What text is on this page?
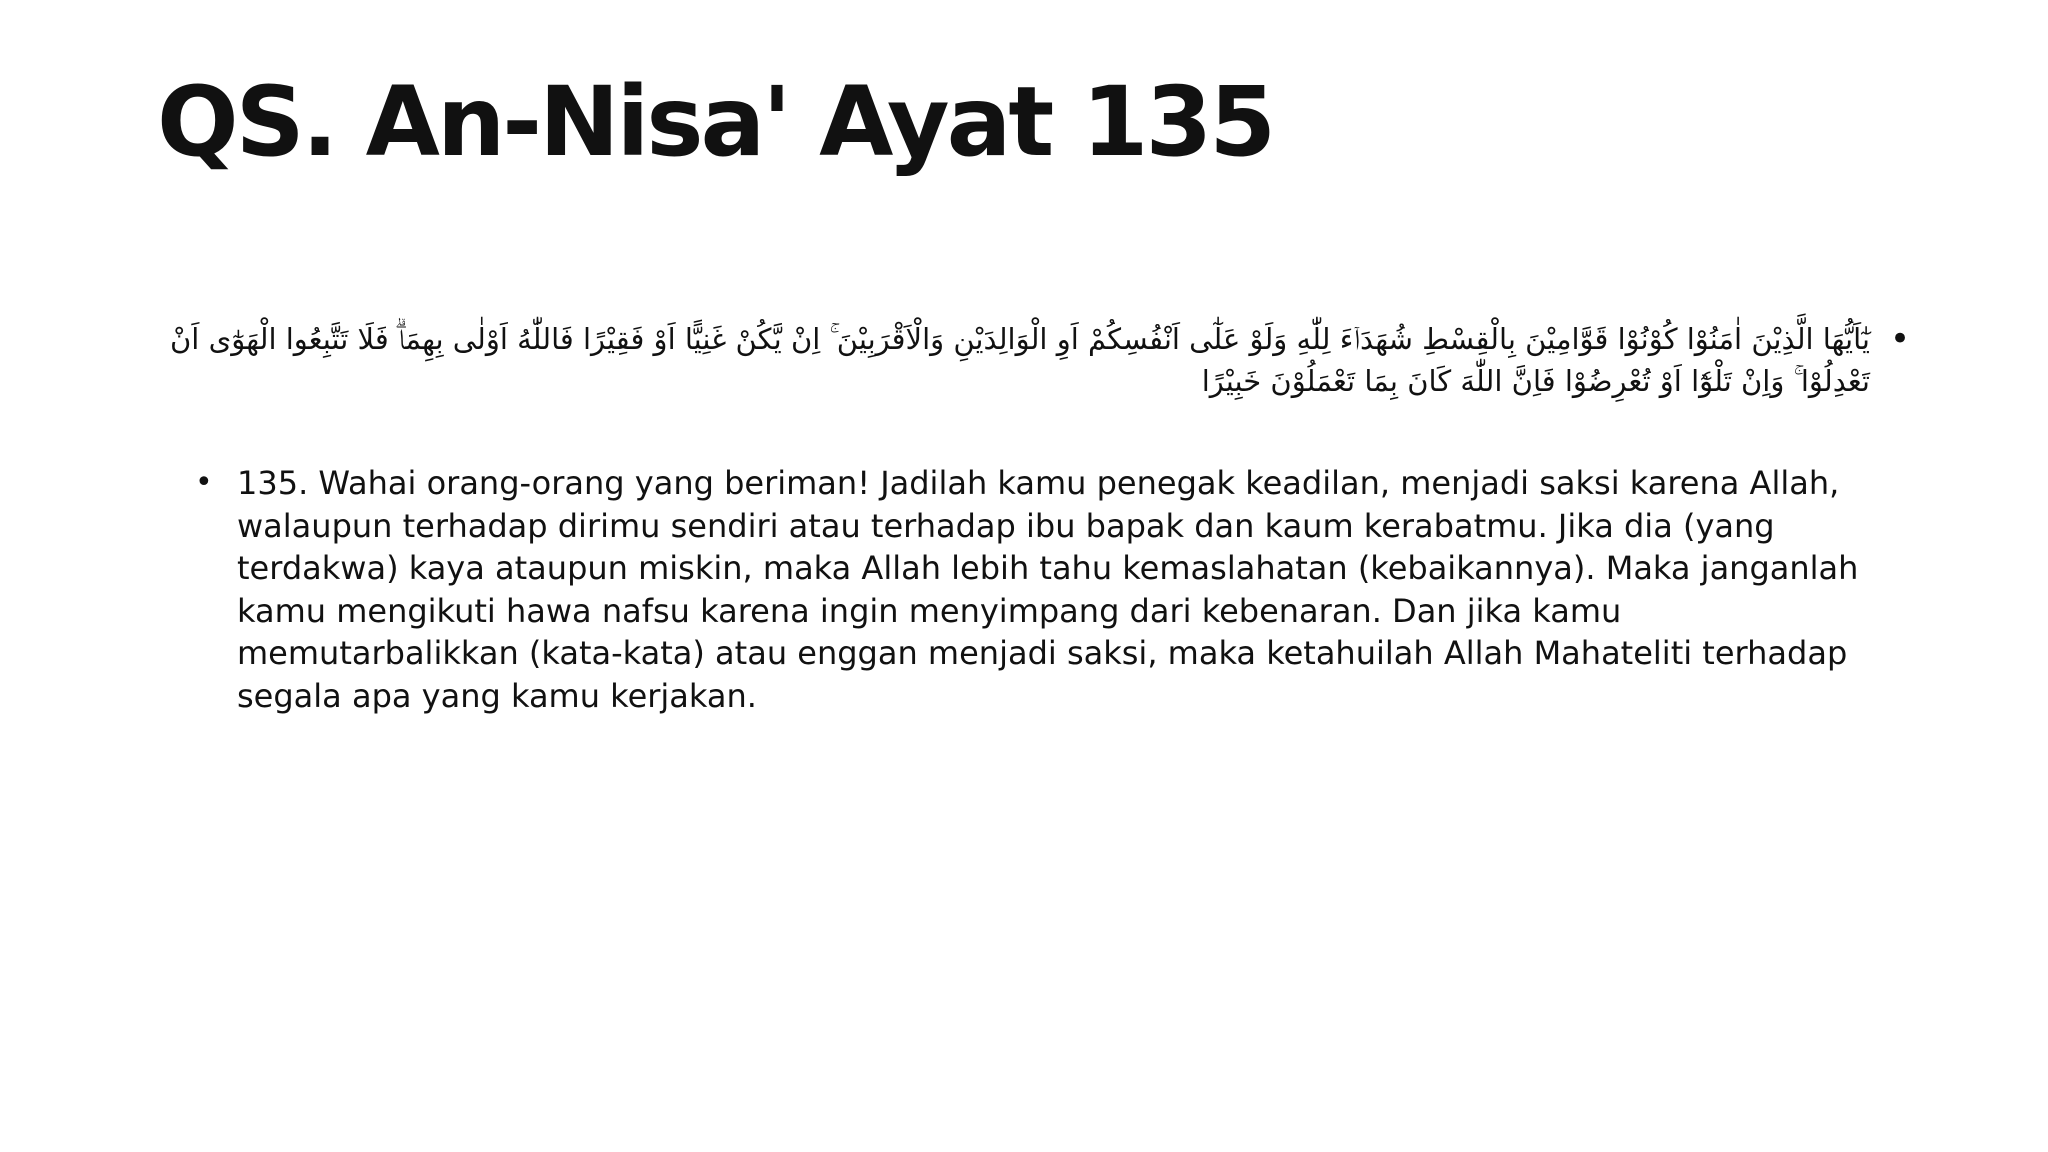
QS. An-Nisa' Ayat 135
•
يٰٓاَيُّهَا الَّذِيْنَ اٰمَنُوْا كُوْنُوْا قَوَّامِيْنَ بِالْقِسْطِ شُهَدَاۤءَ لِلّٰهِ وَلَوْ عَلٰٓى اَنْفُسِكُمْ اَوِ الْوَالِدَيْنِ وَالْاَقْرَبِيْنَ ۚ اِنْ يَّكُنْ غَنِيًّا اَوْ فَقِيْرًا فَاللّٰهُ اَوْلٰى بِهِمَاۗ فَلَا تَتَّبِعُوا الْهَوٰٓى اَنْ تَعْدِلُوْا ۚ وَاِنْ تَلْوٗٓا اَوْ تُعْرِضُوْا فَاِنَّ اللّٰهَ كَانَ بِمَا تَعْمَلُوْنَ خَبِيْرًا
• 135. Wahai orang-orang yang beriman! Jadilah kamu penegak keadilan, menjadi saksi karena Allah, walaupun terhadap dirimu sendiri atau terhadap ibu bapak dan kaum kerabatmu. Jika dia (yang terdakwa) kaya ataupun miskin, maka Allah lebih tahu kemaslahatan (kebaikannya). Maka janganlah kamu mengikuti hawa nafsu karena ingin menyimpang dari kebenaran. Dan jika kamu memutarbalikkan (kata-kata) atau enggan menjadi saksi, maka ketahuilah Allah Mahateliti terhadap segala apa yang kamu kerjakan.
